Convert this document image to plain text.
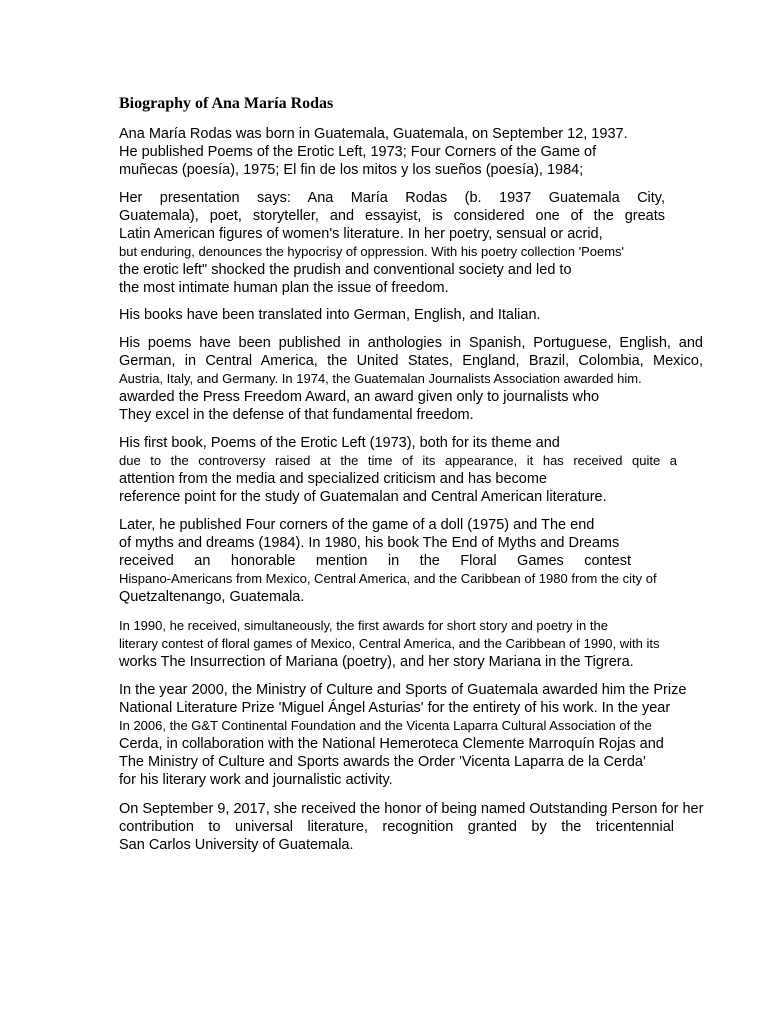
Biography of Ana María Rodas
Ana María Rodas was born in Guatemala, Guatemala, on September 12, 1937.
He published Poems of the Erotic Left, 1973; Four Corners of the Game of
muñecas (poesía), 1975; El fin de los mitos y los sueños (poesía), 1984;
Her presentation says: Ana María Rodas (b. 1937 Guatemala City,
Guatemala), poet, storyteller, and essayist, is considered one of the greats
Latin American figures of women's literature. In her poetry, sensual or acrid,
but enduring, denounces the hypocrisy of oppression. With his poetry collection 'Poems'
the erotic left" shocked the prudish and conventional society and led to
the most intimate human plan the issue of freedom.
His books have been translated into German, English, and Italian.
His poems have been published in anthologies in Spanish, Portuguese, English, and
German, in Central America, the United States, England, Brazil, Colombia, Mexico,
Austria, Italy, and Germany. In 1974, the Guatemalan Journalists Association awarded him.
awarded the Press Freedom Award, an award given only to journalists who
They excel in the defense of that fundamental freedom.
His first book, Poems of the Erotic Left (1973), both for its theme and
due to the controversy raised at the time of its appearance, it has received quite a
attention from the media and specialized criticism and has become
reference point for the study of Guatemalan and Central American literature.
Later, he published Four corners of the game of a doll (1975) and The end
of myths and dreams (1984). In 1980, his book The End of Myths and Dreams
received an honorable mention in the Floral Games contest
Hispano-Americans from Mexico, Central America, and the Caribbean of 1980 from the city of
Quetzaltenango, Guatemala.
In 1990, he received, simultaneously, the first awards for short story and poetry in the
literary contest of floral games of Mexico, Central America, and the Caribbean of 1990, with its
works The Insurrection of Mariana (poetry), and her story Mariana in the Tigrera.
In the year 2000, the Ministry of Culture and Sports of Guatemala awarded him the Prize
National Literature Prize 'Miguel Ángel Asturias' for the entirety of his work. In the year
In 2006, the G&T Continental Foundation and the Vicenta Laparra Cultural Association of the
Cerda, in collaboration with the National Hemeroteca Clemente Marroquín Rojas and
The Ministry of Culture and Sports awards the Order 'Vicenta Laparra de la Cerda'
for his literary work and journalistic activity.
On September 9, 2017, she received the honor of being named Outstanding Person for her
contribution to universal literature, recognition granted by the tricentennial
San Carlos University of Guatemala.
